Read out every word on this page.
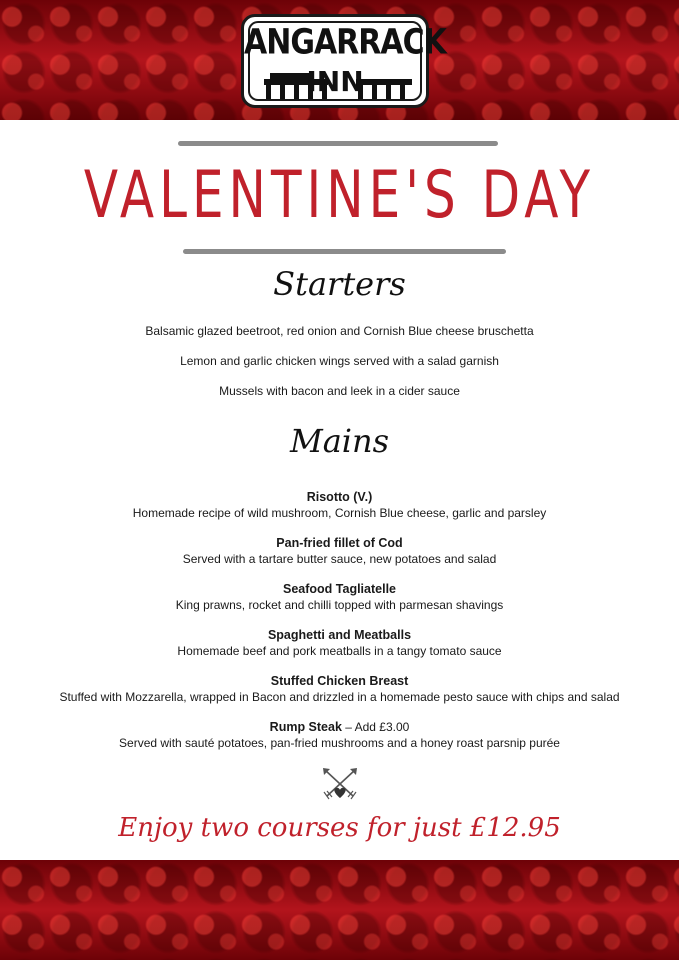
ANGARRACK
INN
VALENTINE'S DAY
Starters
Balsamic glazed beetroot, red onion and Cornish Blue cheese bruschetta
Lemon and garlic chicken wings served with a salad garnish
Mussels with bacon and leek in a cider sauce
Mains
Risotto (V.)
Homemade recipe of wild mushroom, Cornish Blue cheese, garlic and parsley
Pan-fried fillet of Cod
Served with a tartare butter sauce, new potatoes and salad
Seafood Tagliatelle
King prawns, rocket and chilli topped with parmesan shavings
Spaghetti and Meatballs
Homemade beef and pork meatballs in a tangy tomato sauce
Stuffed Chicken Breast
Stuffed with Mozzarella, wrapped in Bacon and drizzled in a homemade pesto sauce with chips and salad
Rump Steak – Add £3.00
Served with sauté potatoes, pan-fried mushrooms and a honey roast parsnip purée
Enjoy two courses for just £12.95
